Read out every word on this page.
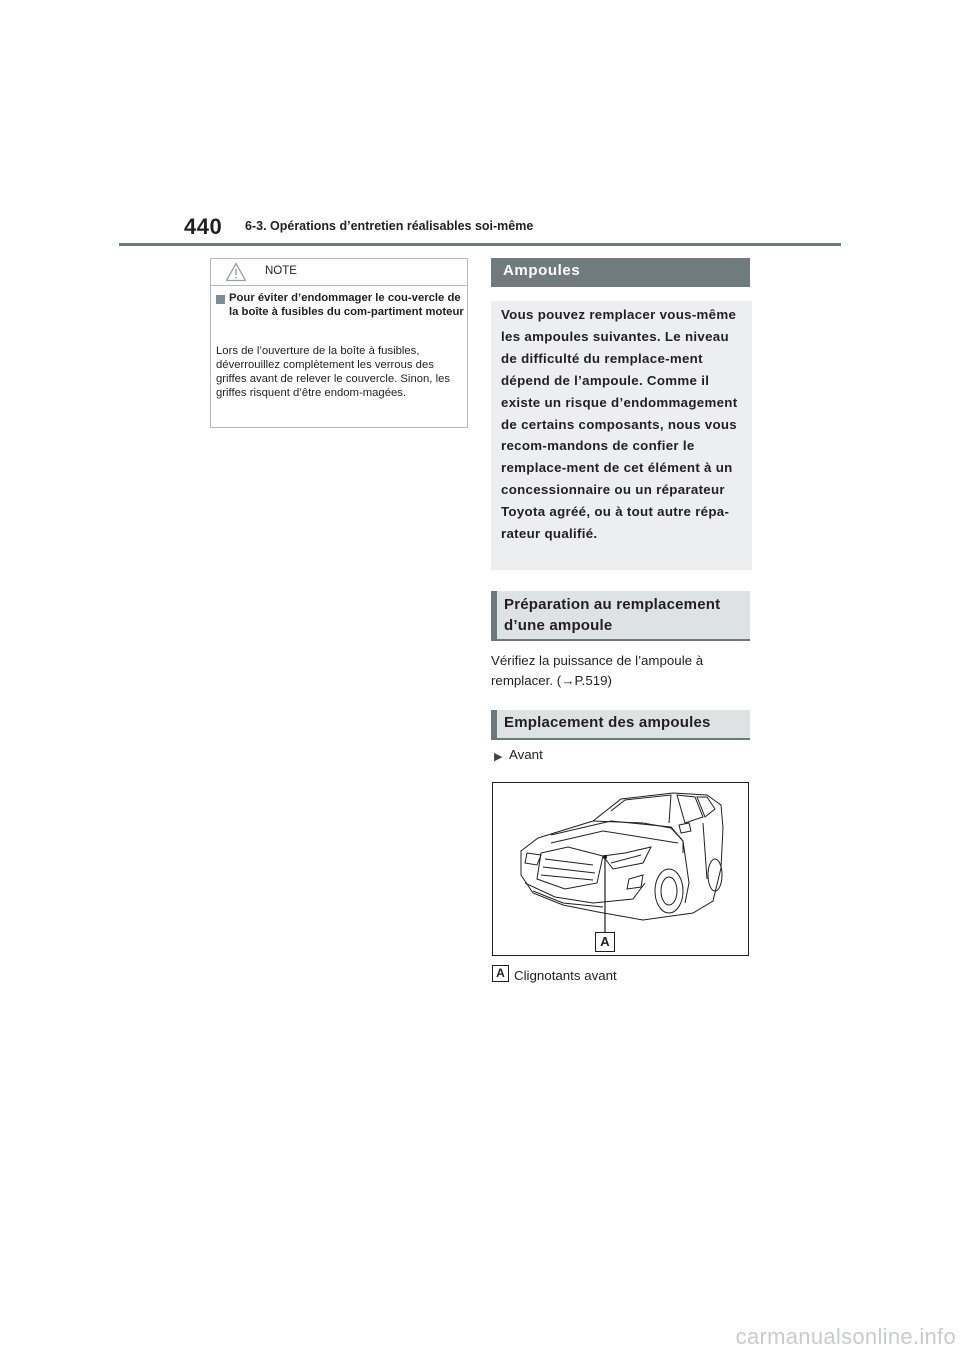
440 6-3. Opérations d’entretien réalisables soi-même
NOTE
Pour éviter d’endommager le cou-vercle de la boîte à fusibles du com-partiment moteur
Lors de l’ouverture de la boîte à fusibles, déverrouillez complètement les verrous des griffes avant de relever le couvercle. Sinon, les griffes risquent d’être endom-magées.
Ampoules
Vous pouvez remplacer vous-même les ampoules suivantes. Le niveau de difficulté du remplace-ment dépend de l’ampoule. Comme il existe un risque d’endommagement de certains composants, nous vous recom-mandons de confier le remplace-ment de cet élément à un concessionnaire ou un réparateur Toyota agréé, ou à tout autre répa-rateur qualifié.
Préparation au remplacement d’une ampoule
Vérifiez la puissance de l’ampoule à remplacer. (→P.519)
Emplacement des ampoules
▶ Avant
A
A Clignotants avant
carmanualsonline.info
